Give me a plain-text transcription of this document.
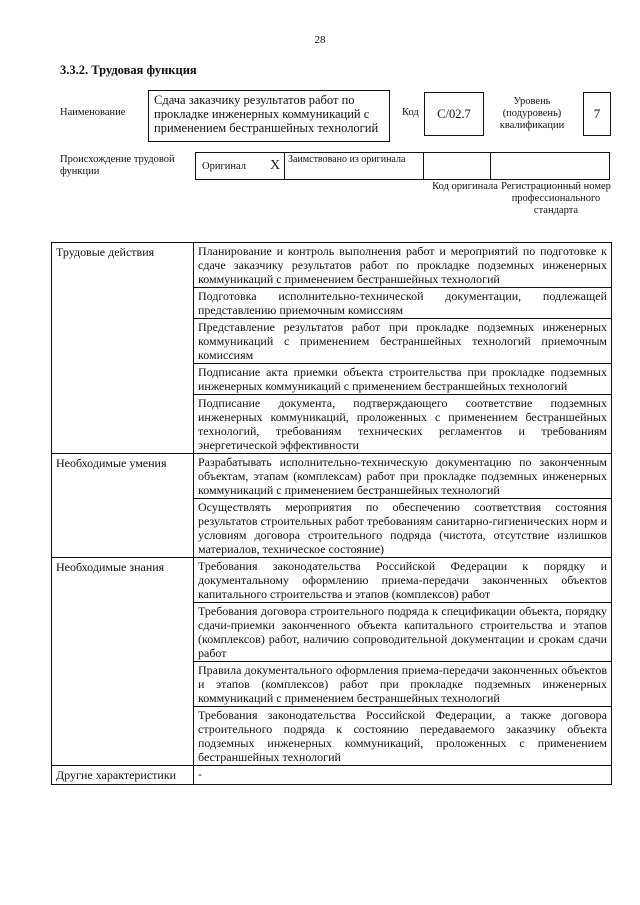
28
3.3.2. Трудовая функция
Наименование
Сдача заказчику результатов работ по прокладке инженерных коммуникаций с применением бестраншейных технологий
Код	C/02.7
Уровень (подуровень) квалификации
7
Происхождение трудовой функции	Оригинал X Заимствовано из оригинала
Код оригинала Регистрационный номер профессионального стандарта
Трудовые действия	Планирование и контроль выполнения работ и мероприятий по подготовке к сдаче заказчику результатов работ по прокладке подземных инженерных коммуникаций с применением бестраншейных технологий
	Подготовка исполнительно-технической документации, подлежащей представлению приемочным комиссиям
	Представление результатов работ при прокладке подземных инженерных коммуникаций с применением бестраншейных технологий приемочным комиссиям
	Подписание акта приемки объекта строительства при прокладке подземных инженерных коммуникаций с применением бестраншейных технологий
	Подписание документа, подтверждающего соответствие подземных инженерных коммуникаций, проложенных с применением бестраншейных технологий, требованиям технических регламентов и требованиям энергетической эффективности
Необходимые умения	Разрабатывать исполнительно-техническую документацию по законченным объектам, этапам (комплексам) работ при прокладке подземных инженерных коммуникаций с применением бестраншейных технологий
	Осуществлять мероприятия по обеспечению соответствия состояния результатов строительных работ требованиям санитарно-гигиенических норм и условиям договора строительного подряда (чистота, отсутствие излишков материалов, техническое состояние)
Необходимые знания	Требования законодательства Российской Федерации к порядку и документальному оформлению приема-передачи законченных объектов капитального строительства и этапов (комплексов) работ
	Требования договора строительного подряда к спецификации объекта, порядку сдачи-приемки законченного объекта капитального строительства и этапов (комплексов) работ, наличию сопроводительной документации и срокам сдачи работ
	Правила документального оформления приема-передачи законченных объектов и этапов (комплексов) работ при прокладке подземных инженерных коммуникаций с применением бестраншейных технологий
	Требования законодательства Российской Федерации, а также договора строительного подряда к состоянию передаваемого заказчику объекта подземных инженерных коммуникаций, проложенных с применением бестраншейных технологий
Другие характеристики	-
